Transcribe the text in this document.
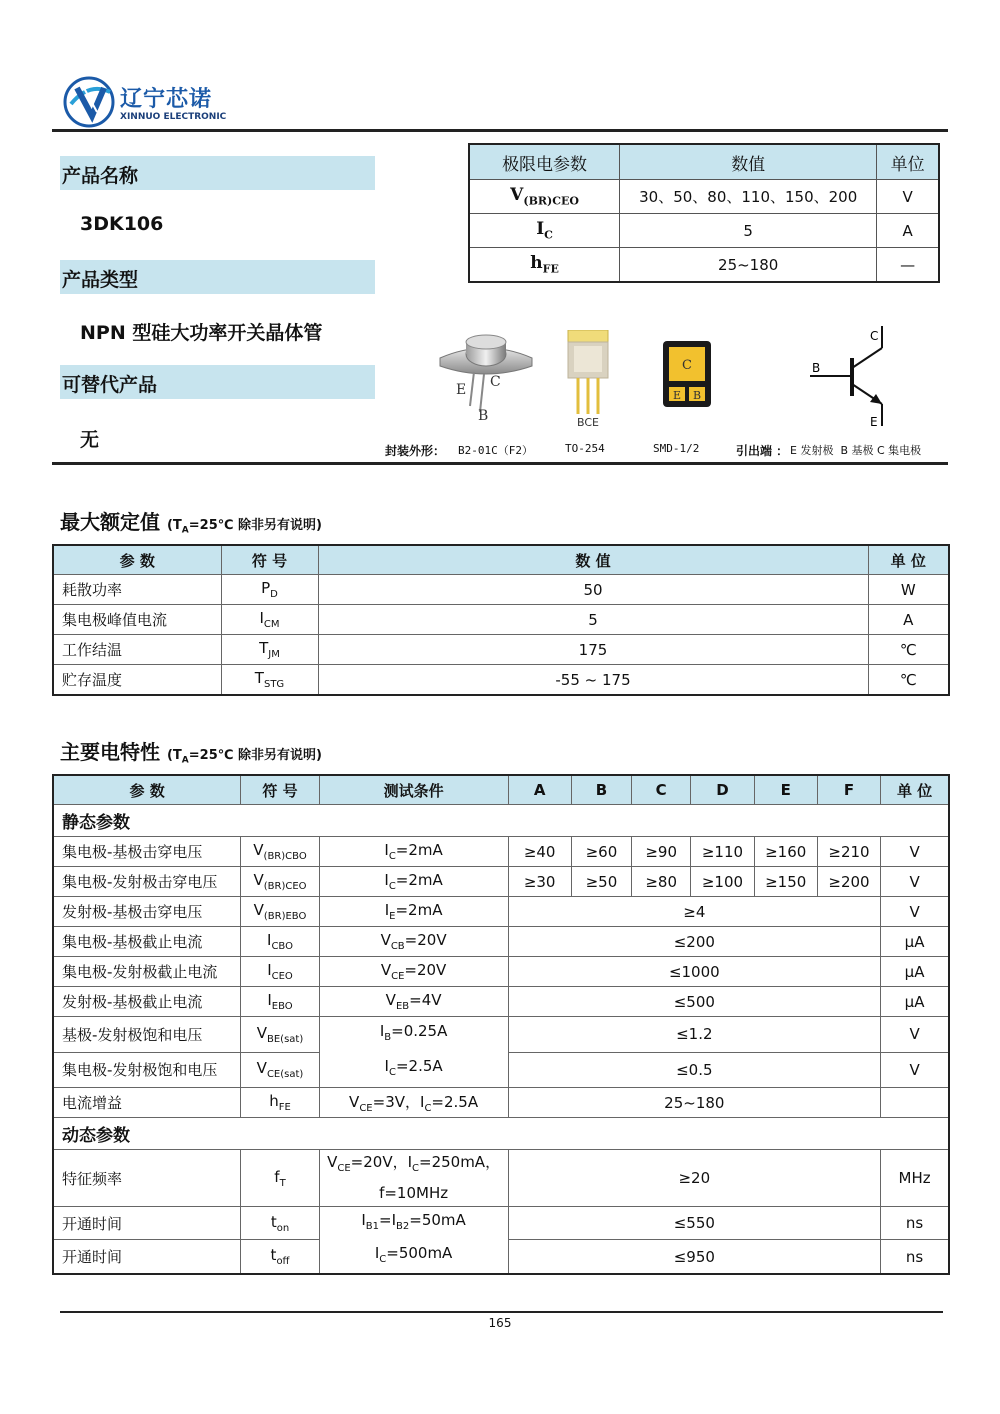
辽宁芯诺
XINNUO ELECTRONIC
产品名称
3DK106
产品类型
NPN 型硅大功率开关晶体管
可替代产品
无
极限电参数	数值	单位
$V_{(BR)CEO}$	30、50、80、110、150、200	V
$I_C$	5	A
$h_{FE}$	25~180	—
E C
B	BCE
C
E B
C
B
E
封装外形： B2-01C（F2）	TO-254	SMD-1/2	引出端 ： E 发射极  B 基极 C 集电极
最大额定值 ($T_A=25℃$ 除非另有说明)
参 数	符 号	数 值	单 位
耗散功率	$P_D$	50	W
集电极峰值电流	$I_{CM}$	5	A
工作结温	$T_{JM}$	175	℃
贮存温度	$T_{STG}$	-55 ~ 175	℃
主要电特性 ($T_A=25℃$ 除非另有说明)
参 数	符 号	测试条件	A	B	C	D	E	F	单 位
静态参数									
集电极-基极击穿电压	$V_{(BR)CBO}$	$I_C=2mA$	≥40	≥60	≥90	≥110	≥160	≥210	V
集电极-发射极击穿电压	$V_{(BR)CEO}$	$I_C=2mA$	≥30	≥50	≥80	≥100	≥150	≥200	V
发射极-基极击穿电压	$V_{(BR)EBO}$	$I_E=2mA$	≥4						V
集电极-基极截止电流	$I_{CBO}$	$V_{CB}=20V$	≤200						μA
集电极-发射极截止电流	$I_{CEO}$	$V_{CE}=20V$	≤1000						μA
发射极-基极截止电流	$I_{EBO}$	$V_{EB}=4V$	≤500						μA
基极-发射极饱和电压	$V_{BE(sat)}$	$I_B=0.25A$
$I_C=2.5A$	≤1.2						V
集电极-发射极饱和电压	$V_{CE(sat)}$		≤0.5						V
电流增益	$h_{FE}$	$V_{CE}=3V$，$I_C=2.5A$	25~180						
动态参数									
特征频率	$f_T$	$V_{CE}=20V$，$I_C=250mA$，
f=10MHz	≥20						MHz
开通时间	$t_{on}$	$I_{B1}=I_{B2}=50mA$
$I_C=500mA$	≤550						ns
开通时间	$t_{off}$		≤950						ns
165
